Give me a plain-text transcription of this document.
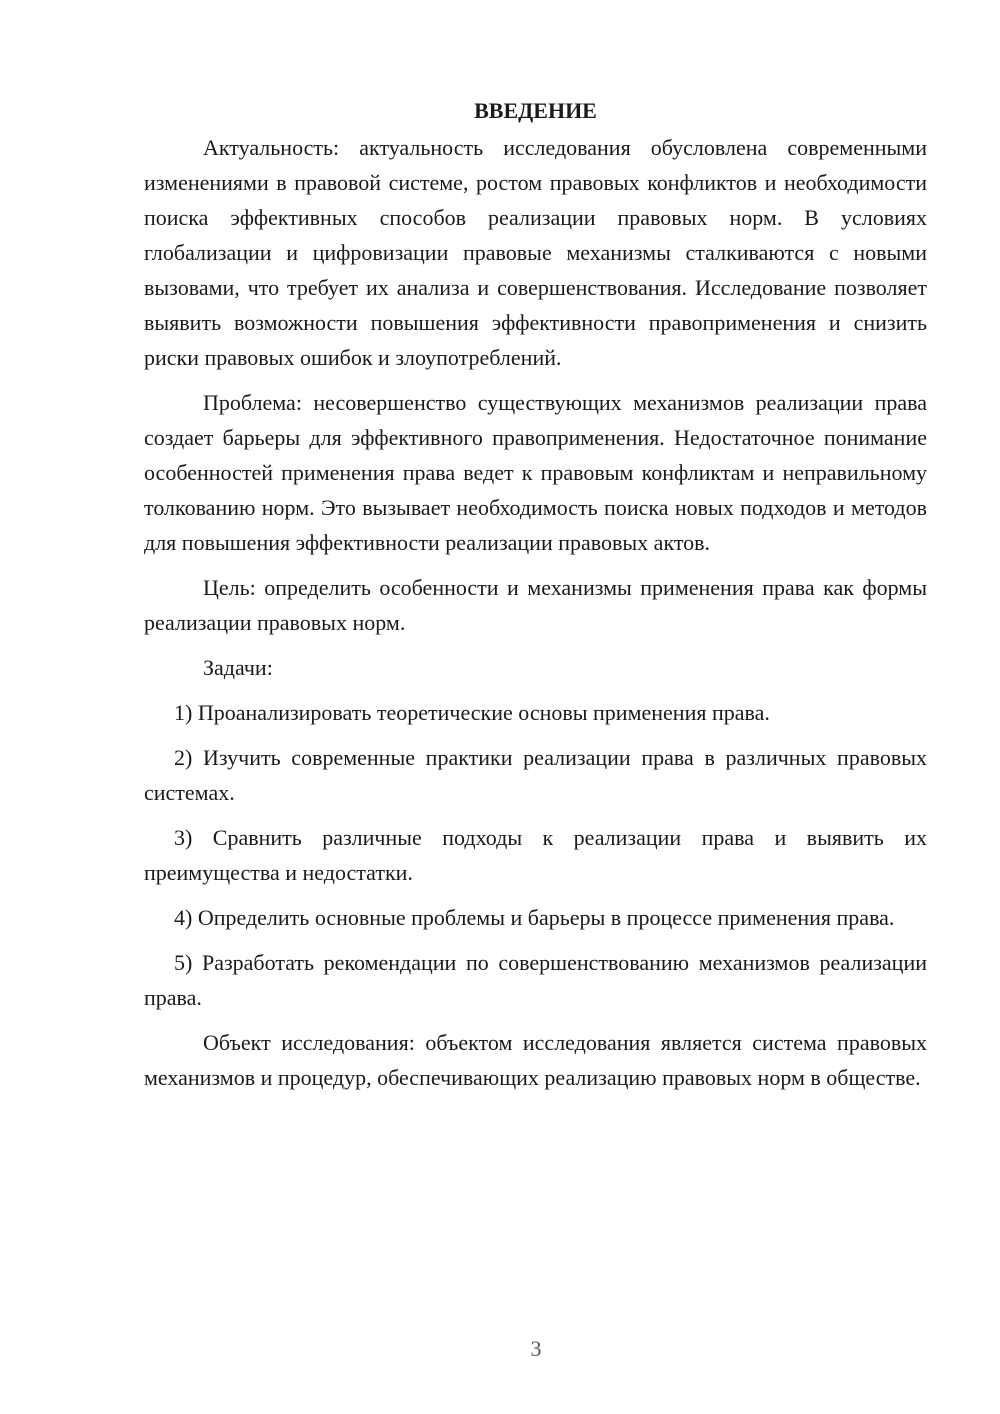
ВВЕДЕНИЕ

Актуальность: актуальность исследования обусловлена современными изменениями в правовой системе, ростом правовых конфликтов и необходимости поиска эффективных способов реализации правовых норм. В условиях глобализации и цифровизации правовые механизмы сталкиваются с новыми вызовами, что требует их анализа и совершенствования. Исследование позволяет выявить возможности повышения эффективности правоприменения и снизить риски правовых ошибок и злоупотреблений.

Проблема: несовершенство существующих механизмов реализации права создает барьеры для эффективного правоприменения. Недостаточное понимание особенностей применения права ведет к правовым конфликтам и неправильному толкованию норм. Это вызывает необходимость поиска новых подходов и методов для повышения эффективности реализации правовых актов.

Цель: определить особенности и механизмы применения права как формы реализации правовых норм.

Задачи:

1) Проанализировать теоретические основы применения права.

2) Изучить современные практики реализации права в различных правовых системах.

3) Сравнить различные подходы к реализации права и выявить их преимущества и недостатки.

4) Определить основные проблемы и барьеры в процессе применения права.

5) Разработать рекомендации по совершенствованию механизмов реализации права.

Объект исследования: объектом исследования является система правовых механизмов и процедур, обеспечивающих реализацию правовых норм в обществе.

3
